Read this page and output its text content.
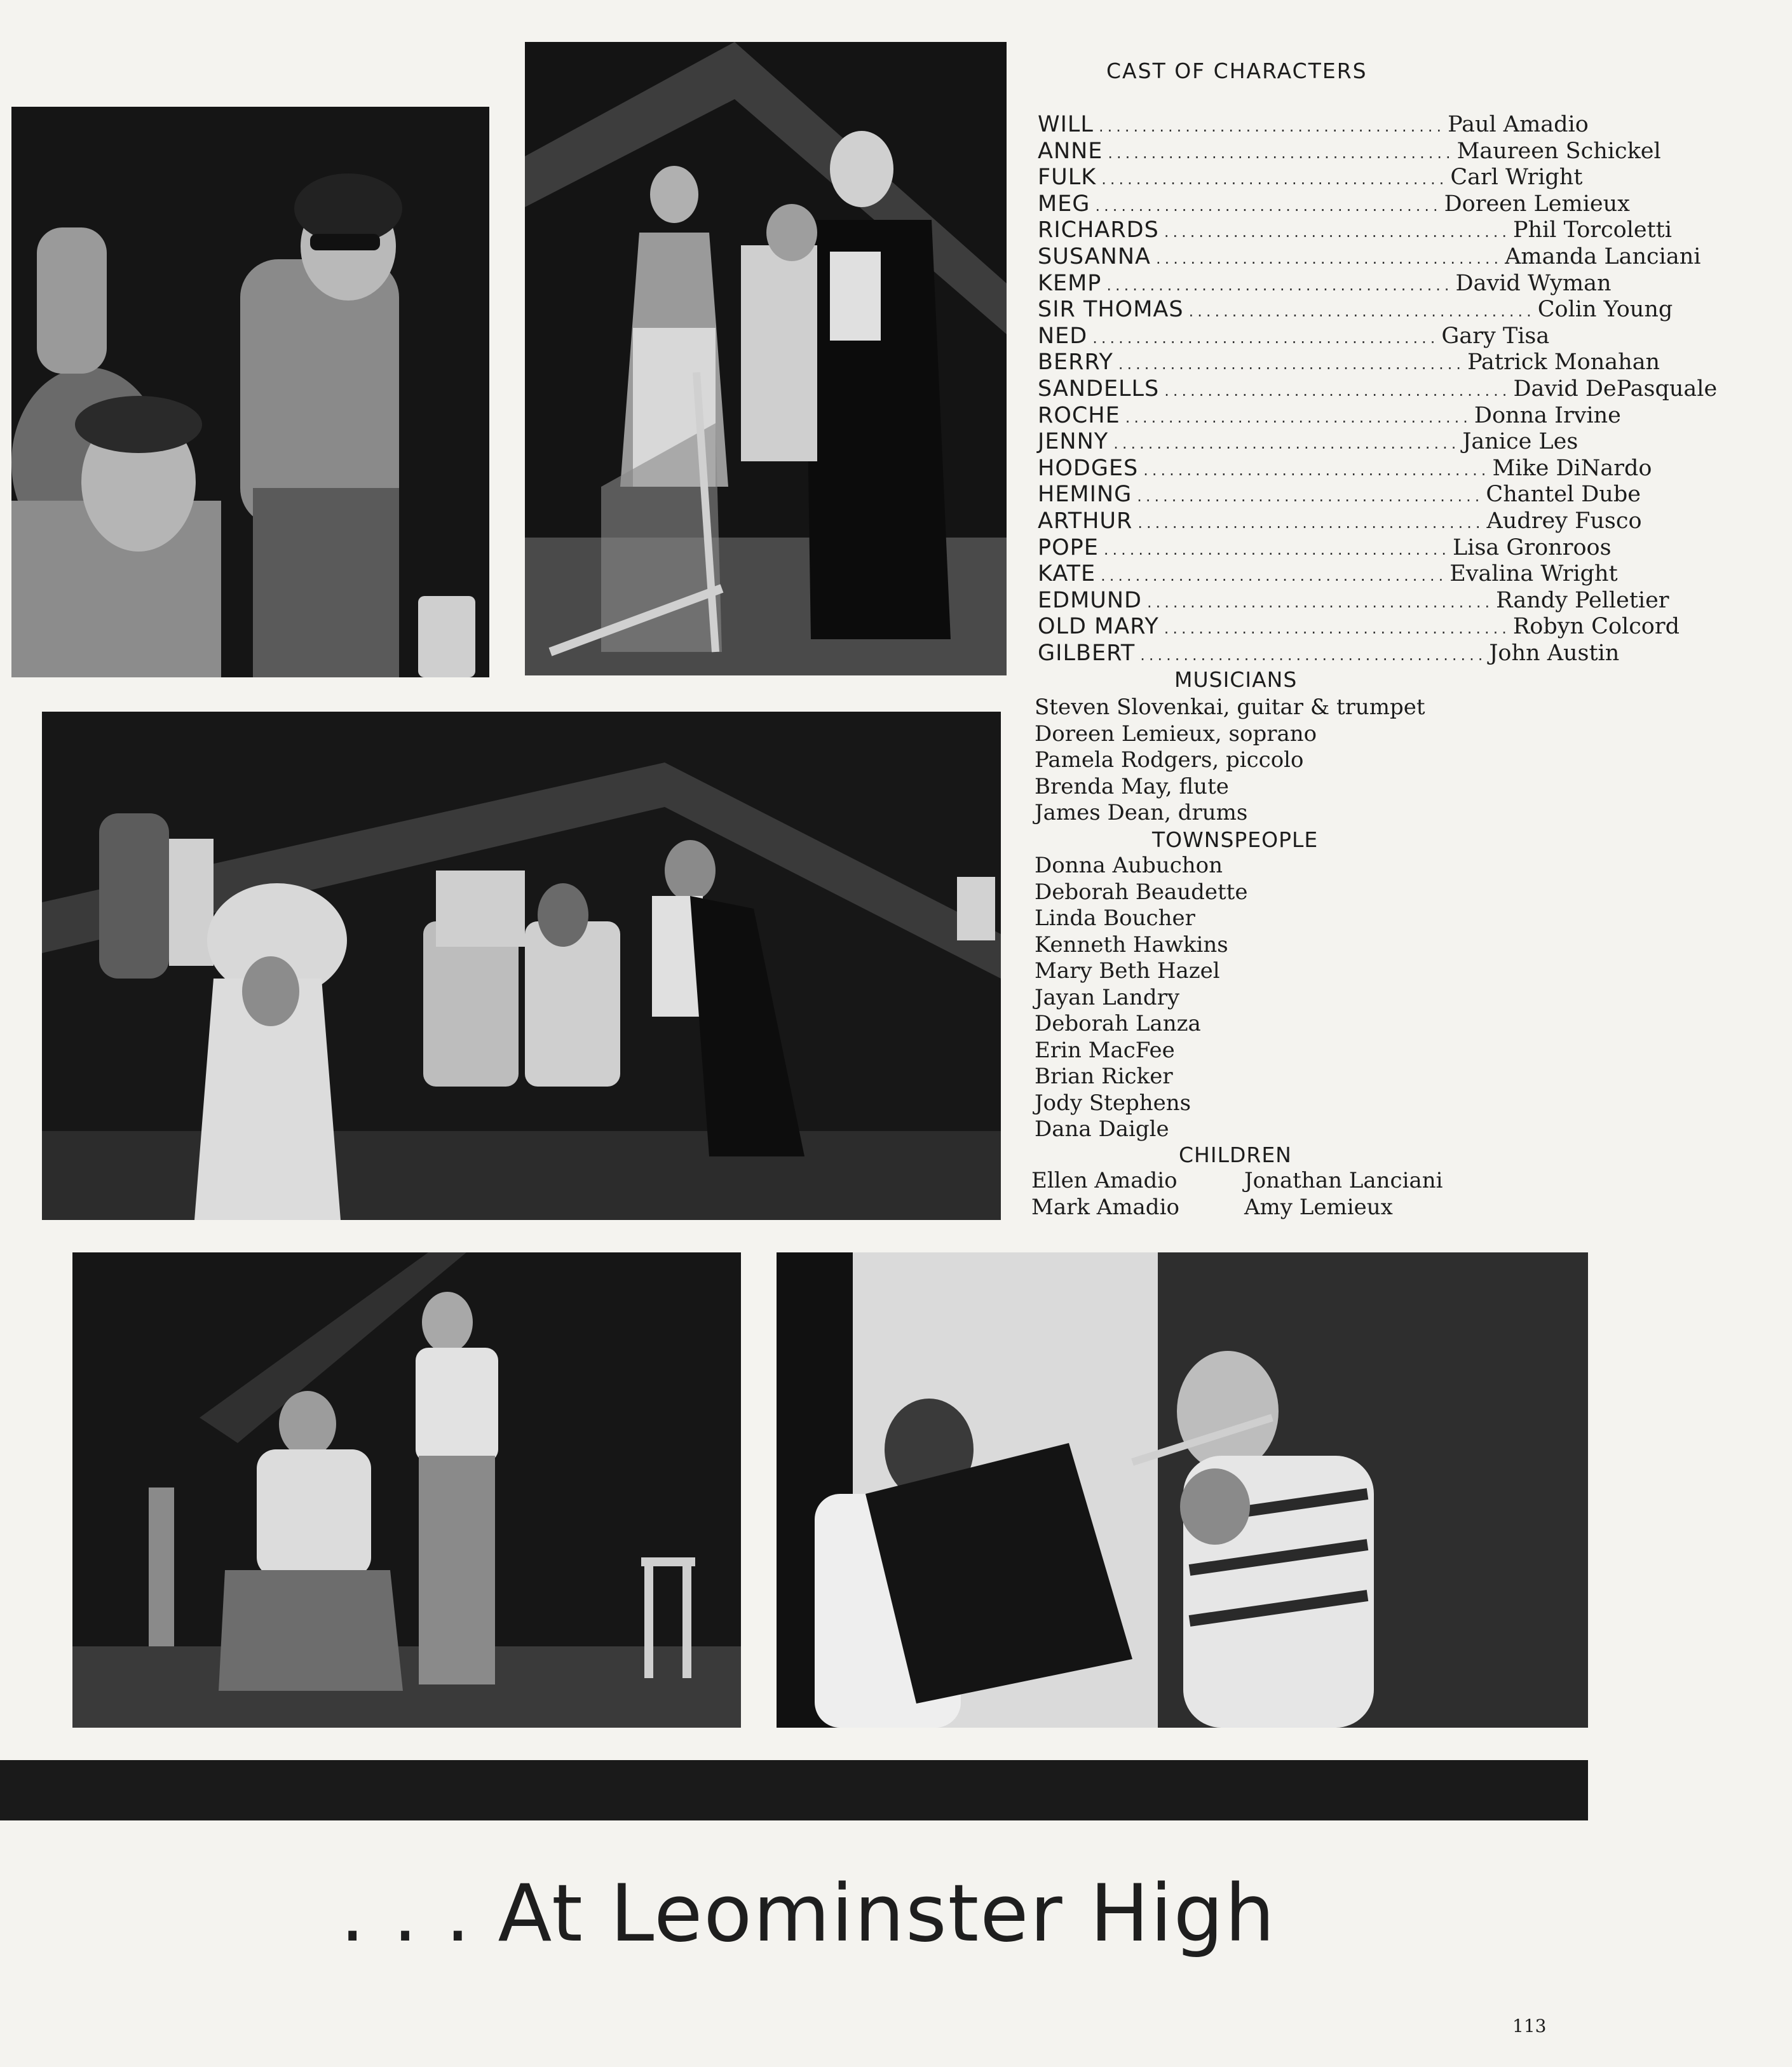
CAST OF CHARACTERS
WILL ........................................ Paul Amadio
ANNE ........................................ Maureen Schickel
FULK ........................................ Carl Wright
MEG ........................................ Doreen Lemieux
RICHARDS ........................................ Phil Torcoletti
SUSANNA ........................................ Amanda Lanciani
KEMP ........................................ David Wyman
SIR THOMAS ........................................ Colin Young
NED ........................................ Gary Tisa
BERRY ........................................ Patrick Monahan
SANDELLS ........................................ David DePasquale
ROCHE ........................................ Donna Irvine
JENNY ........................................ Janice Les
HODGES ........................................ Mike DiNardo
HEMING ........................................ Chantel Dube
ARTHUR ........................................ Audrey Fusco
POPE ........................................ Lisa Gronroos
KATE ........................................ Evalina Wright
EDMUND ........................................ Randy Pelletier
OLD MARY ........................................ Robyn Colcord
GILBERT ........................................ John Austin
MUSICIANS
Steven Slovenkai, guitar & trumpet
Doreen Lemieux, soprano
Pamela Rodgers, piccolo
Brenda May, flute
James Dean, drums
TOWNSPEOPLE
Donna Aubuchon
Deborah Beaudette
Linda Boucher
Kenneth Hawkins
Mary Beth Hazel
Jayan Landry
Deborah Lanza
Erin MacFee
Brian Ricker
Jody Stephens
Dana Daigle
CHILDREN
Ellen Amadio	Jonathan Lanciani
Mark Amadio	Amy Lemieux
. . . At Leominster High
113
